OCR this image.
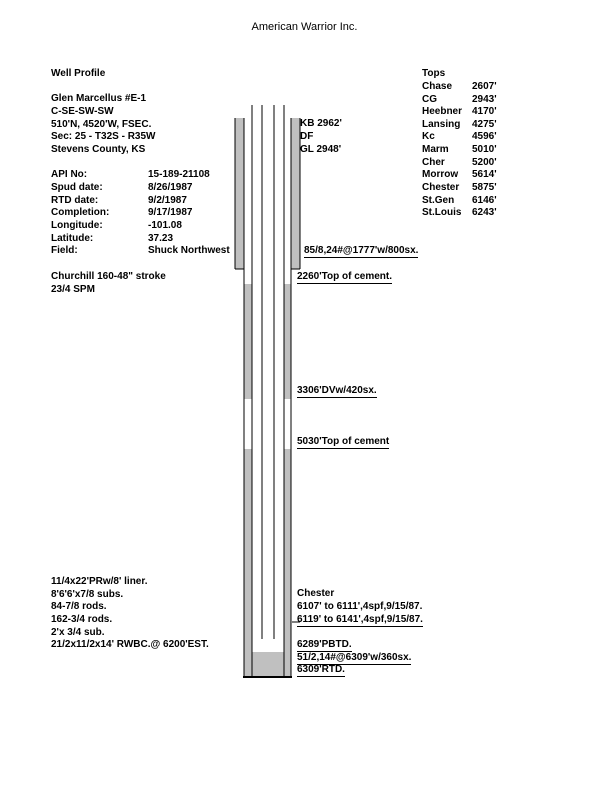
American Warrior Inc.
Well Profile
Glen Marcellus #E-1
C-SE-SW-SW
510'N, 4520'W, FSEC.
Sec: 25 - T32S - R35W
Stevens County, KS
API No:	15-189-21108
Spud date:	8/26/1987
RTD date:	9/2/1987
Completion:	9/17/1987
Longitude:	-101.08
Latitude:	37.23
Field:	Shuck Northwest
Churchill 160-48" stroke
23/4 SPM
KB 2962'
DF
GL 2948'
Tops
Chase 2607'
CG	2943'
Heebner 4170'
Lansing 4275'
Kc	4596'
Marm 5010'
Cher	5200'
Morrow 5614'
Chester 5875'
St.Gen 6146'
St.Louis 6243'
85/8,24#@1777'w/800sx.
2260'Top of cement.
3306'DVw/420sx.
5030'Top of cement
Chester
6107' to 6111',4spf,9/15/87.
6119' to 6141',4spf,9/15/87.
6289'PBTD.
51/2,14#@6309'w/360sx.
6309'RTD.
11/4x22'PRw/8' liner.
8'6'6'x7/8 subs.
84-7/8 rods.
162-3/4 rods.
2'x 3/4 sub.
21/2x11/2x14' RWBC.@ 6200'EST.
